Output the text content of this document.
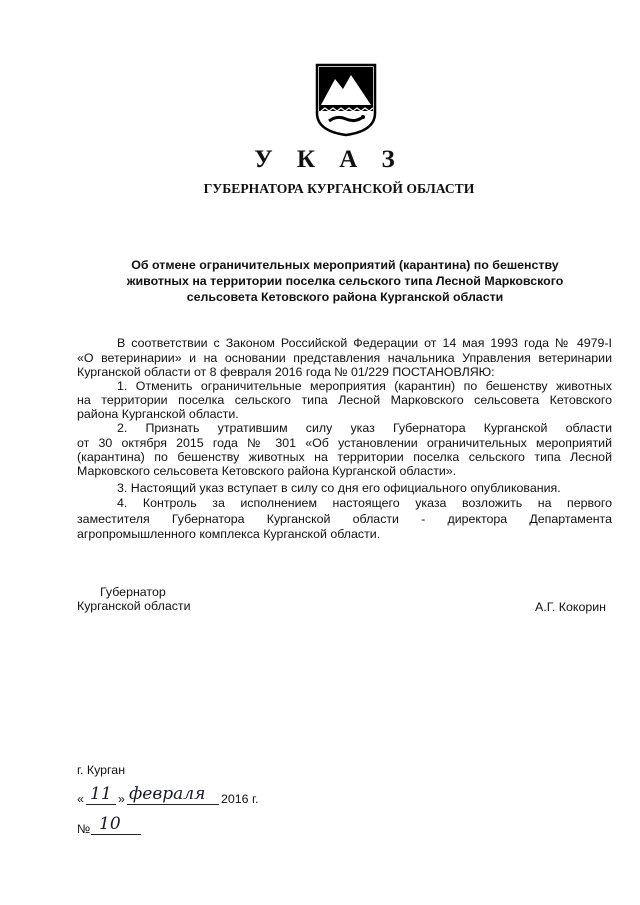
У К А З
ГУБЕРНАТОРА КУРГАНСКОЙ ОБЛАСТИ
Об отмене ограничительных мероприятий (карантина) по бешенству
животных на территории поселка сельского типа Лесной Марковского
сельсовета Кетовского района Курганской области
В соответствии с Законом Российской Федерации от 14 мая 1993 года № 4979-I
«О ветеринарии» и на основании представления начальника Управления ветеринарии
Курганской области от 8 февраля 2016 года № 01/229 ПОСТАНОВЛЯЮ:
1. Отменить ограничительные мероприятия (карантин) по бешенству животных
на территории поселка сельского типа Лесной Марковского сельсовета Кетовского
района Курганской области.
2. Признать утратившим силу указ Губернатора Курганской области
от 30 октября 2015 года № 301 «Об установлении ограничительных мероприятий
(карантина) по бешенству животных на территории поселка сельского типа Лесной
Марковского сельсовета Кетовского района Курганской области».
3. Настоящий указ вступает в силу со дня его официального опубликования.
4. Контроль за исполнением настоящего указа возложить на первого
заместителя Губернатора Курганской области - директора Департамента
агропромышленного комплекса Курганской области.
Губернатор
Курганской области	А.Г. Кокорин
г. Курган
« 11 » февраля 2016 г.
№ 10
